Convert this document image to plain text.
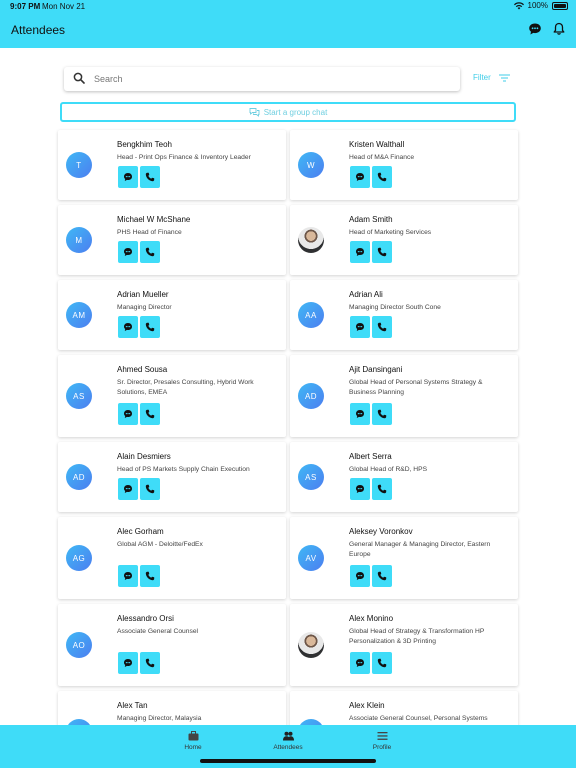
9:07 PM Mon Nov 21	100%
Attendees
Search	Filter
Start a group chat
T
Bengkhim Teoh
Head - Print Ops Finance & Inventory Leader
W
Kristen Walthall
Head of M&A Finance
M
Michael W McShane
PHS Head of Finance
Adam Smith
Head of Marketing Services
AM
Adrian Mueller
Managing Director
AA
Adrian Ali
Managing Director South Cone
AS
Ahmed Sousa
Sr. Director, Presales Consulting, Hybrid Work Solutions, EMEA	AD
Ajit Dansingani
Global Head of Personal Systems Strategy & Business Planning
AD
Alain Desmiers
Head of PS Markets Supply Chain Execution
AS
Albert Serra
Global Head of R&D, HPS
AG
Alec Gorham
Global AGM - Deloitte/FedEx
AV
Aleksey Voronkov
General Manager & Managing Director, Eastern Europe
AO
Alessandro Orsi
Associate General Counsel
Alex Monino
Global Head of Strategy & Transformation HP Personalization & 3D Printing
Alex Tan
Managing Director, Malaysia
Alex Klein
Associate General Counsel, Personal Systems
Home	Attendees	Profile
